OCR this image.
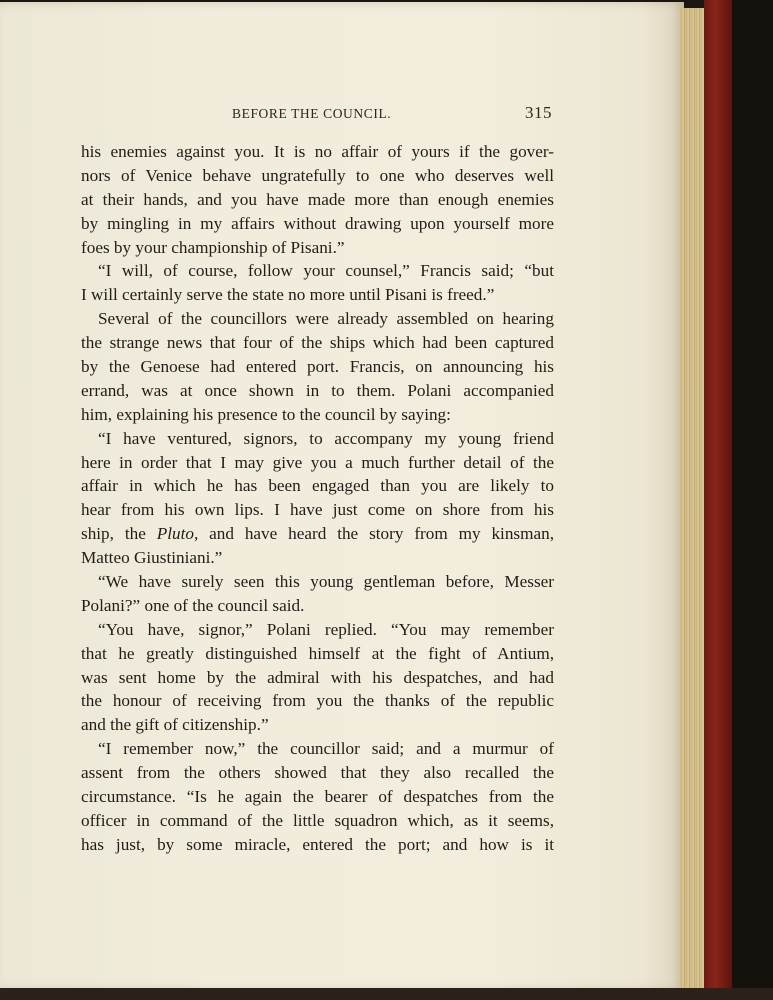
BEFORE THE COUNCIL.	315
his enemies against you. It is no affair of yours if the gover-
nors of Venice behave ungratefully to one who deserves well
at their hands, and you have made more than enough enemies
by mingling in my affairs without drawing upon yourself more
foes by your championship of Pisani.”
“I will, of course, follow your counsel,” Francis said; “but
I will certainly serve the state no more until Pisani is freed.”
Several of the councillors were already assembled on hearing
the strange news that four of the ships which had been captured
by the Genoese had entered port. Francis, on announcing his
errand, was at once shown in to them. Polani accompanied
him, explaining his presence to the council by saying:
“I have ventured, signors, to accompany my young friend
here in order that I may give you a much further detail of the
affair in which he has been engaged than you are likely to
hear from his own lips. I have just come on shore from his
ship, the Pluto, and have heard the story from my kinsman,
Matteo Giustiniani.”
“We have surely seen this young gentleman before, Messer
Polani?” one of the council said.
“You have, signor,” Polani replied. “You may remember
that he greatly distinguished himself at the fight of Antium,
was sent home by the admiral with his despatches, and had
the honour of receiving from you the thanks of the republic
and the gift of citizenship.”
“I remember now,” the councillor said; and a murmur of
assent from the others showed that they also recalled the
circumstance. “Is he again the bearer of despatches from the
officer in command of the little squadron which, as it seems,
has just, by some miracle, entered the port; and how is it
